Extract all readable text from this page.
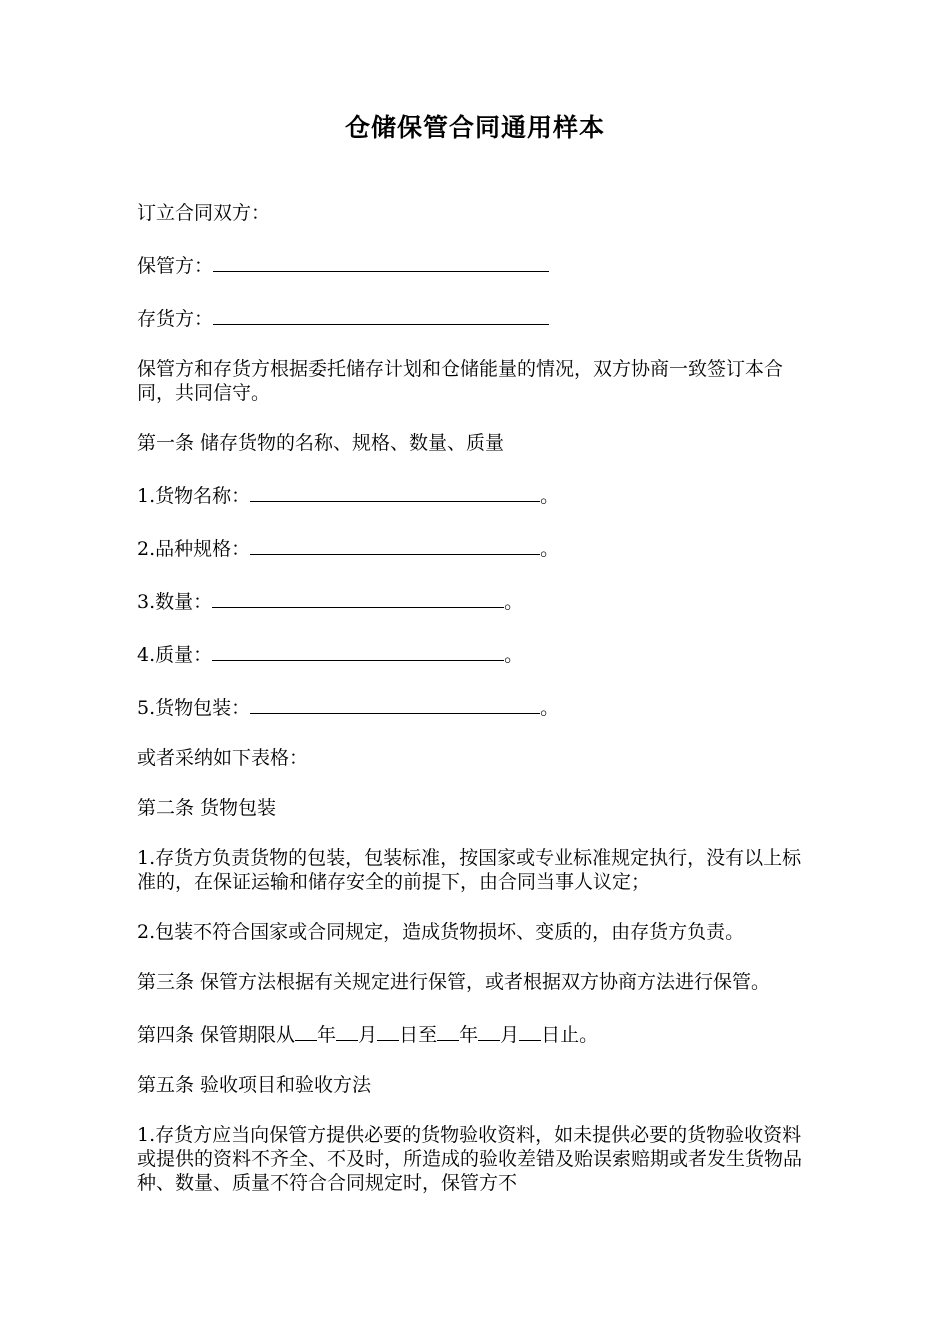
仓储保管合同通用样本

订立合同双方：

保管方：

存货方：

保管方和存货方根据委托储存计划和仓储能量的情况，双方协商一致签订本合同，共同信守。

第一条 储存货物的名称、规格、数量、质量

1.货物名称：	。

2.品种规格：	。

3.数量：	。

4.质量：	。

5.货物包装：	。

或者采纳如下表格：

第二条 货物包装

1.存货方负责货物的包装，包装标准，按国家或专业标准规定执行，没有以上标准的，在保证运输和储存安全的前提下，由合同当事人议定；

2.包装不符合国家或合同规定，造成货物损坏、变质的，由存货方负责。

第三条 保管方法根据有关规定进行保管，或者根据双方协商方法进行保管。

第四条 保管期限从 年 月 日至 年 月 日止。

第五条 验收项目和验收方法

1.存货方应当向保管方提供必要的货物验收资料，如未提供必要的货物验收资料或提供的资料不齐全、不及时，所造成的验收差错及贻误索赔期或者发生货物品种、数量、质量不符合合同规定时，保管方不
